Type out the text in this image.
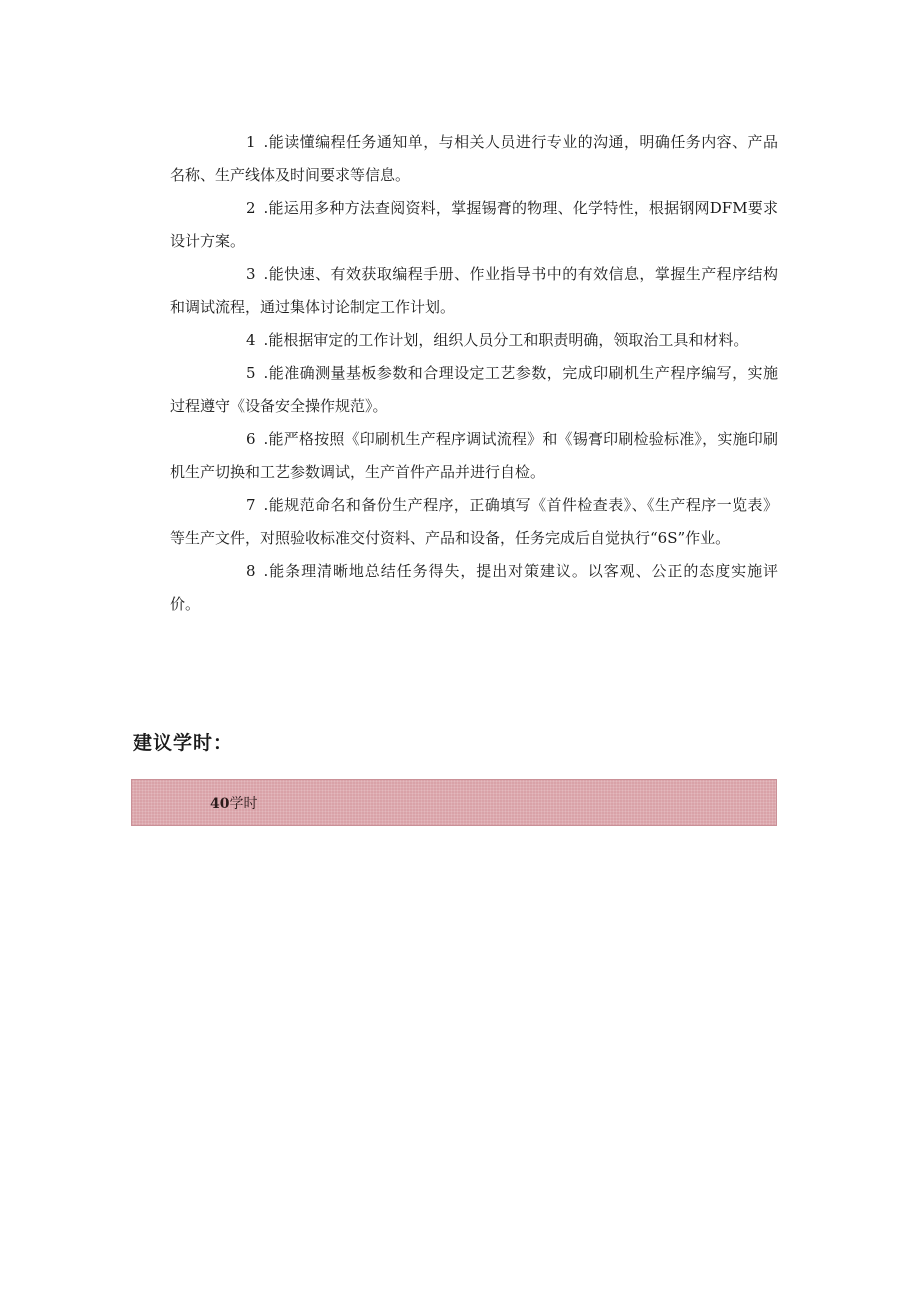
1 .能读懂编程任务通知单，与相关人员进行专业的沟通，明确任务内容、产品名称、生产线体及时间要求等信息。

2 .能运用多种方法查阅资料，掌握锡膏的物理、化学特性，根据钢网DFM要求设计方案。

3 .能快速、有效获取编程手册、作业指导书中的有效信息，掌握生产程序结构和调试流程，通过集体讨论制定工作计划。

4 .能根据审定的工作计划，组织人员分工和职责明确，领取治工具和材料。

5 .能准确测量基板参数和合理设定工艺参数，完成印刷机生产程序编写，实施过程遵守《设备安全操作规范》。

6 .能严格按照《印刷机生产程序调试流程》和《锡膏印刷检验标准》，实施印刷机生产切换和工艺参数调试，生产首件产品并进行自检。

7 .能规范命名和备份生产程序，正确填写《首件检查表》、《生产程序一览表》等生产文件，对照验收标准交付资料、产品和设备，任务完成后自觉执行“6S”作业。

8 .能条理清晰地总结任务得失，提出对策建议。以客观、公正的态度实施评价。

建议学时：
40学时
